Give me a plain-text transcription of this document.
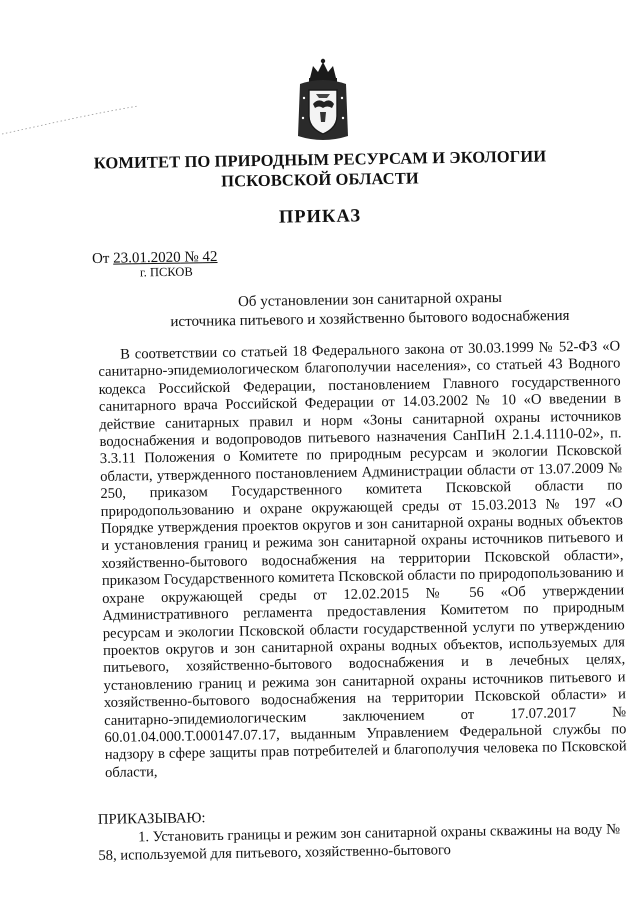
КОМИТЕТ ПО ПРИРОДНЫМ РЕСУРСАМ И ЭКОЛОГИИ
ПСКОВСКОЙ ОБЛАСТИ
ПРИКАЗ
От 23.01.2020 № 42
г. ПСКОВ
Об установлении зон санитарной охраны
источника питьевого и хозяйственно бытового водоснабжения
В соответствии со статьей 18 Федерального закона от 30.03.1999 № 52-ФЗ «О санитарно-эпидемиологическом благополучии населения», со статьей 43 Водного кодекса Российской Федерации, постановлением Главного государственного санитарного врача Российской Федерации от 14.03.2002 № 10 «О введении в действие санитарных правил и норм «Зоны санитарной охраны источников водоснабжения и водопроводов питьевого назначения СанПиН 2.1.4.1110-02», п. 3.3.11 Положения о Комитете по природным ресурсам и экологии Псковской области, утвержденного постановлением Администрации области от 13.07.2009 № 250, приказом Государственного комитета Псковской области по природопользованию и охране окружающей среды от 15.03.2013 № 197 «О Порядке утверждения проектов округов и зон санитарной охраны водных объектов и установления границ и режима зон санитарной охраны источников питьевого и хозяйственно-бытового водоснабжения на территории Псковской области», приказом Государственного комитета Псковской области по природопользованию и охране окружающей среды от 12.02.2015 № 56 «Об утверждении Административного регламента предоставления Комитетом по природным ресурсам и экологии Псковской области государственной услуги по утверждению проектов округов и зон санитарной охраны водных объектов, используемых для питьевого, хозяйственно-бытового водоснабжения и в лечебных целях, установлению границ и режима зон санитарной охраны источников питьевого и хозяйственно-бытового водоснабжения на территории Псковской области» и санитарно-эпидемиологическим заключением от 17.07.2017 № 60.01.04.000.Т.000147.07.17, выданным Управлением Федеральной службы по надзору в сфере защиты прав потребителей и благополучия человека по Псковской области,
ПРИКАЗЫВАЮ:
1. Установить границы и режим зон санитарной охраны скважины на воду № 58, используемой для питьевого, хозяйственно-бытового
